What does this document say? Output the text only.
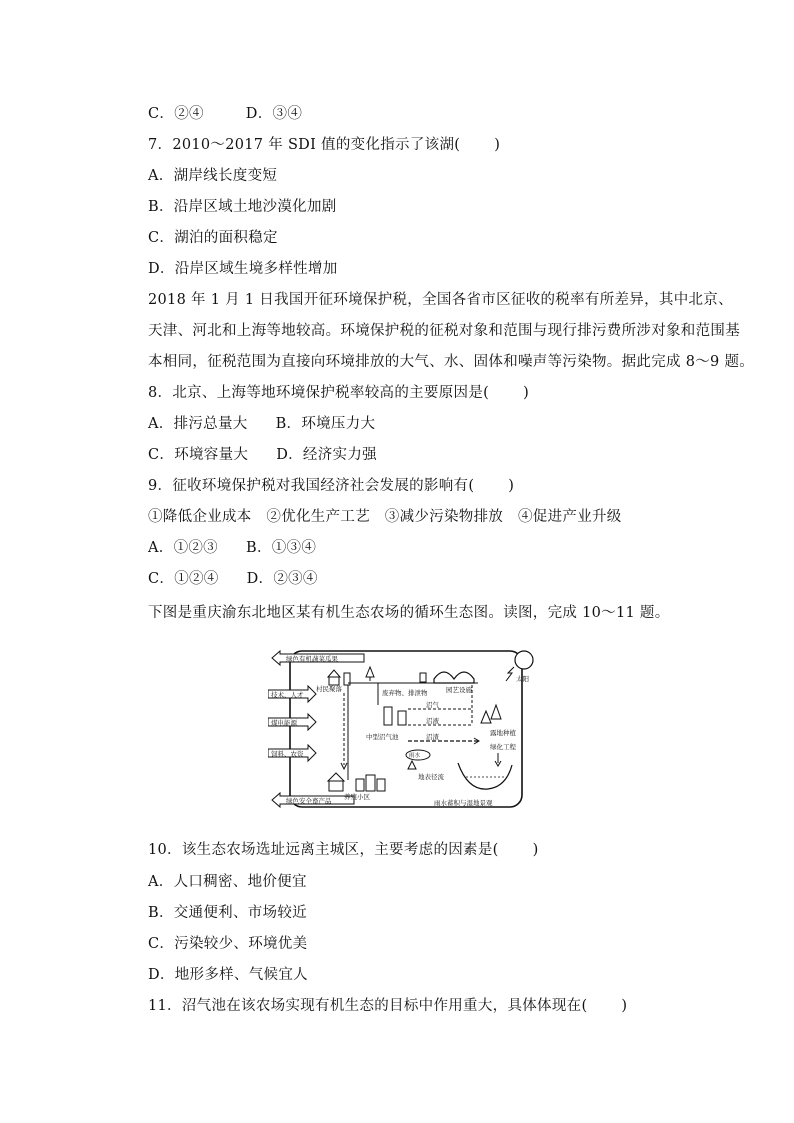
C．②④	D．③④
7．2010～2017 年 SDI 值的变化指示了该湖( )
A．湖岸线长度变短
B．沿岸区域土地沙漠化加剧
C．湖泊的面积稳定
D．沿岸区域生境多样性增加
2018 年 1 月 1 日我国开征环境保护税，全国各省市区征收的税率有所差异，其中北京、
天津、河北和上海等地较高。环境保护税的征税对象和范围与现行排污费所涉对象和范围基
本相同，征税范围为直接向环境排放的大气、水、固体和噪声等污染物。据此完成 8～9 题。
8．北京、上海等地环境保护税率较高的主要原因是( )
A．排污总量大 B．环境压力大
C．环境容量大 D．经济实力强
9．征收环境保护税对我国经济社会发展的影响有( )
①降低企业成本　②优化生产工艺　③减少污染物排放　④促进产业升级
A．①②③ B．①③④
C．①②④ D．②③④
下图是重庆渝东北地区某有机生态农场的循环生态图。读图，完成 10～11 题。
绿色有机蔬菜瓜果
绿色安全畜产品
技术、人才
煤电能源
饲料、农资
太阳
村民聚落	废弃物、排泄物	园艺设施
中型沼气池
沼气
沼液
沼渣	露地种植
绿化工程
雨水
地表径流
雨水蓄积与湿地景观
养殖小区
10．该生态农场选址远离主城区，主要考虑的因素是( )
A．人口稠密、地价便宜
B．交通便利、市场较近
C．污染较少、环境优美
D．地形多样、气候宜人
11．沼气池在该农场实现有机生态的目标中作用重大，具体体现在( )
